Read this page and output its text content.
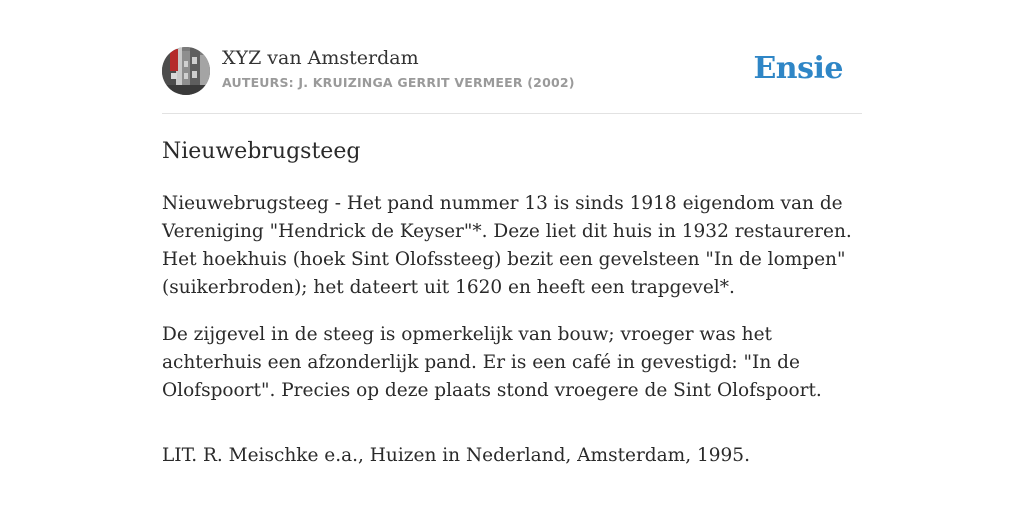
XYZ van Amsterdam
AUTEURS: J. KRUIZINGA GERRIT VERMEER (2002)	Ensie
Nieuwebrugsteeg

Nieuwebrugsteeg - Het pand nummer 13 is sinds 1918 eigendom van de Vereniging "Hendrick de Keyser"*. Deze liet dit huis in 1932 restaureren. Het hoekhuis (hoek Sint Olofssteeg) bezit een gevelsteen "In de lompen" (suikerbroden); het dateert uit 1620 en heeft een trapgevel*.

De zijgevel in de steeg is opmerkelijk van bouw; vroeger was het achterhuis een afzonderlijk pand. Er is een café in gevestigd: "In de Olofspoort". Precies op deze plaats stond vroegere de Sint Olofspoort.

LIT. R. Meischke e.a., Huizen in Nederland, Amsterdam, 1995.
